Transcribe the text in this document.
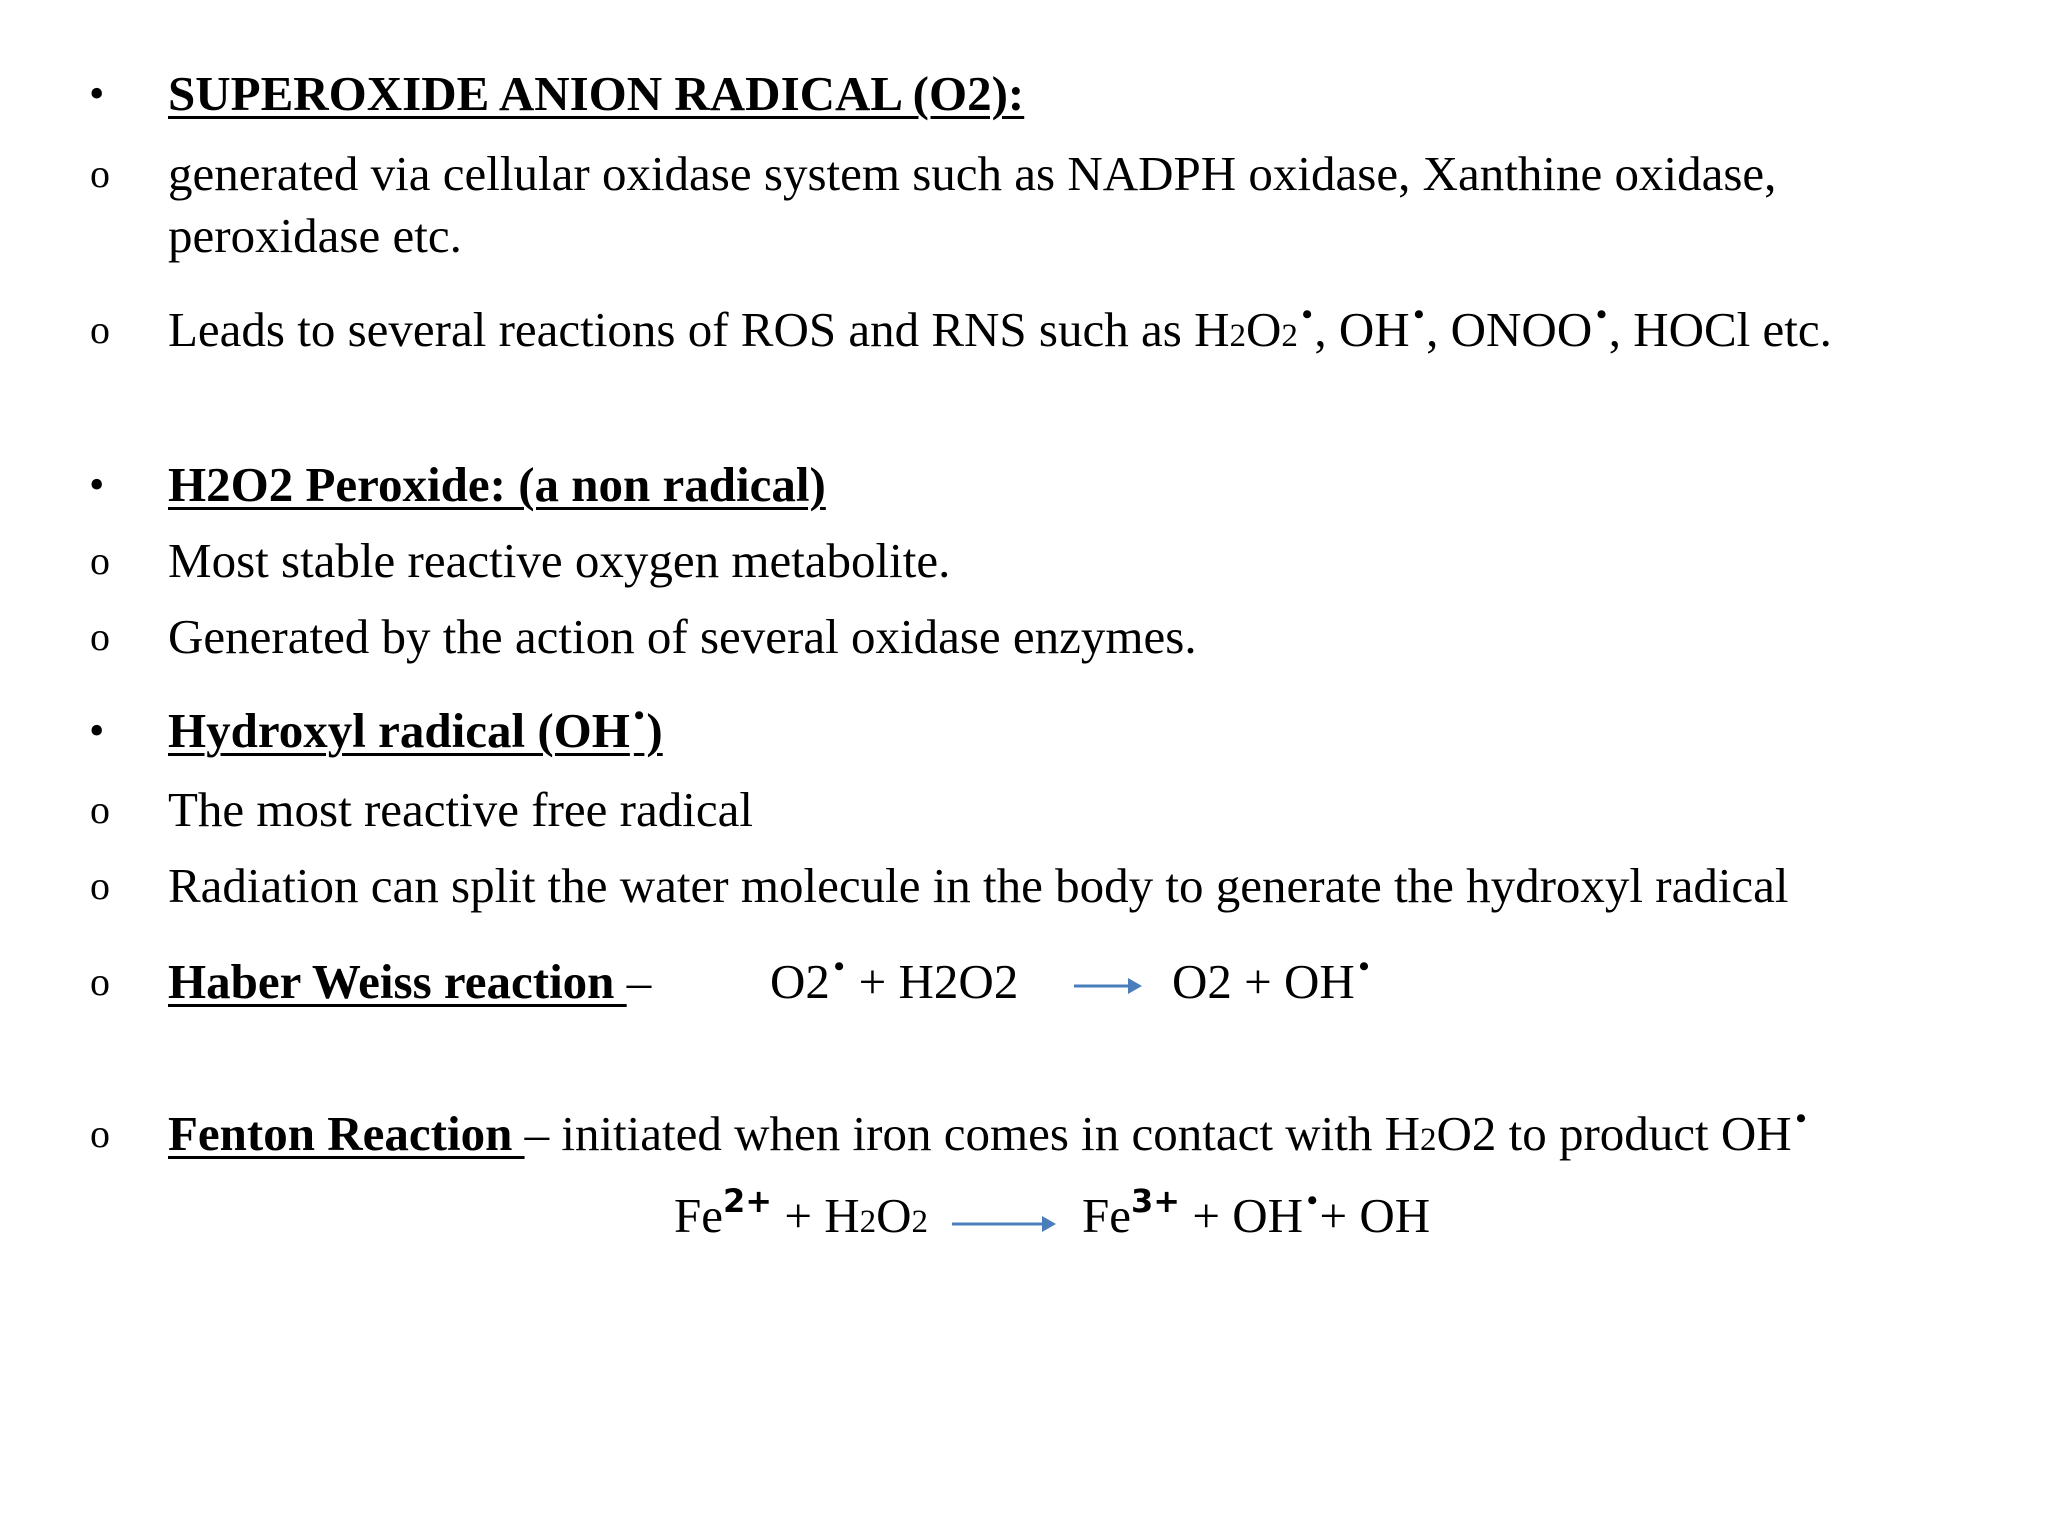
•	SUPEROXIDE ANION RADICAL (O2):
o	generated via cellular oxidase system such as NADPH oxidase, Xanthine oxidase,
peroxidase etc.
o	Leads to several reactions of ROS and RNS such as H2O2•, OH •, ONOO •, HOCl etc.
•	H2O2 Peroxide: (a non radical)
o	Most stable reactive oxygen metabolite.
o	Generated by the action of several oxidase enzymes.
•	Hydroxyl radical (OH •)
o	The most reactive free radical
o	Radiation can split the water molecule in the body to generate the hydroxyl radical
o	Haber Weiss reaction – O2 • + H2O2	O2 + OH •
o	Fenton Reaction – initiated when iron comes in contact with H2O2 to product OH •
$Fe^{2+} + H2O2$	$Fe^{3+}$ + OH •+ OH
